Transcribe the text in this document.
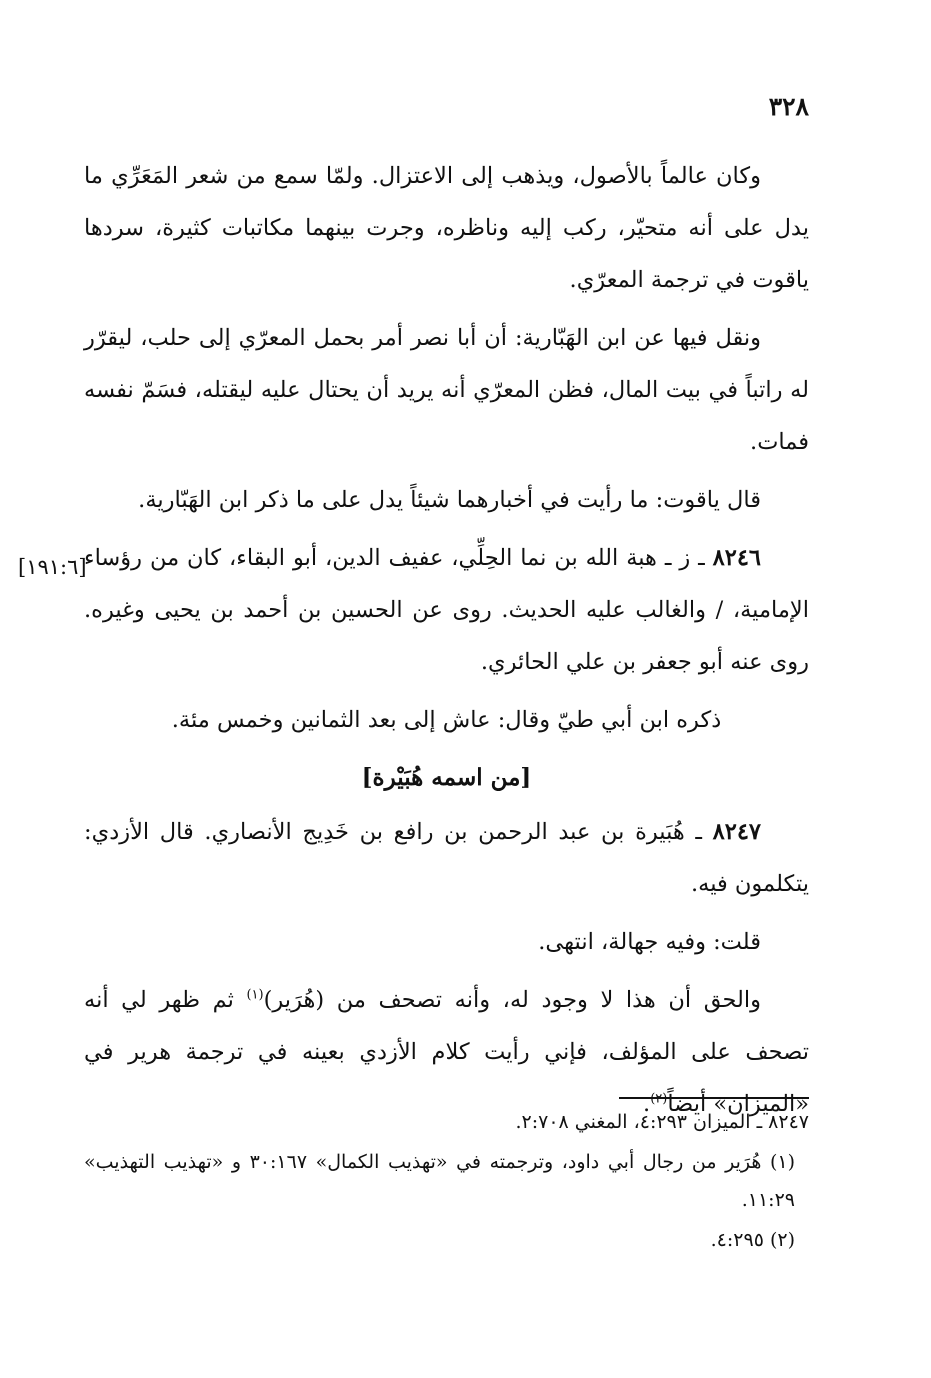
٣٢٨

وكان عالماً بالأصول، ويذهب إلى الاعتزال. ولمّا سمع من شعر المَعَرِّي ما يدل على أنه متحيّر، ركب إليه وناظره، وجرت بينهما مكاتبات كثيرة، سردها ياقوت في ترجمة المعرّي.

ونقل فيها عن ابن الهَبّارية: أن أبا نصر أمر بحمل المعرّي إلى حلب، ليقرّر له راتباً في بيت المال، فظن المعرّي أنه يريد أن يحتال عليه ليقتله، فسَمّ نفسه فمات.

قال ياقوت: ما رأيت في أخبارهما شيئاً يدل على ما ذكر ابن الهَبّارية.

٨٢٤٦ ـ ز ـ هبة الله بن نما الحِلِّي، عفيف الدين، أبو البقاء، كان من رؤساء الإمامية، / والغالب عليه الحديث. روى عن الحسين بن أحمد بن يحيى وغيره. روى عنه أبو جعفر بن علي الحائري.

ذكره ابن أبي طيّ وقال: عاش إلى بعد الثمانين وخمس مئة.

[من اسمه هُبَيْرة]

٨٢٤٧ ـ هُبَيرة بن عبد الرحمن بن رافع بن خَدِيج الأنصاري. قال الأزدي: يتكلمون فيه.

قلت: وفيه جهالة، انتهى.

والحق أن هذا لا وجود له، وأنه تصحف من (هُرَير)$^{(١)}$ ثم ظهر لي أنه تصحف على المؤلف، فإني رأيت كلام الأزدي بعينه في ترجمة هرير في «الميزان» أيضاً$^{(٢)}$.

[١٩١:٦]

٨٢٤٧ ـ الميزان ٤:٢٩٣، المغني ٢:٧٠٨.

(١) هُرَير من رجال أبي داود، وترجمته في «تهذيب الكمال» ٣٠:١٦٧ و «تهذيب التهذيب» ١١:٢٩.

(٢) ٤:٢٩٥.
